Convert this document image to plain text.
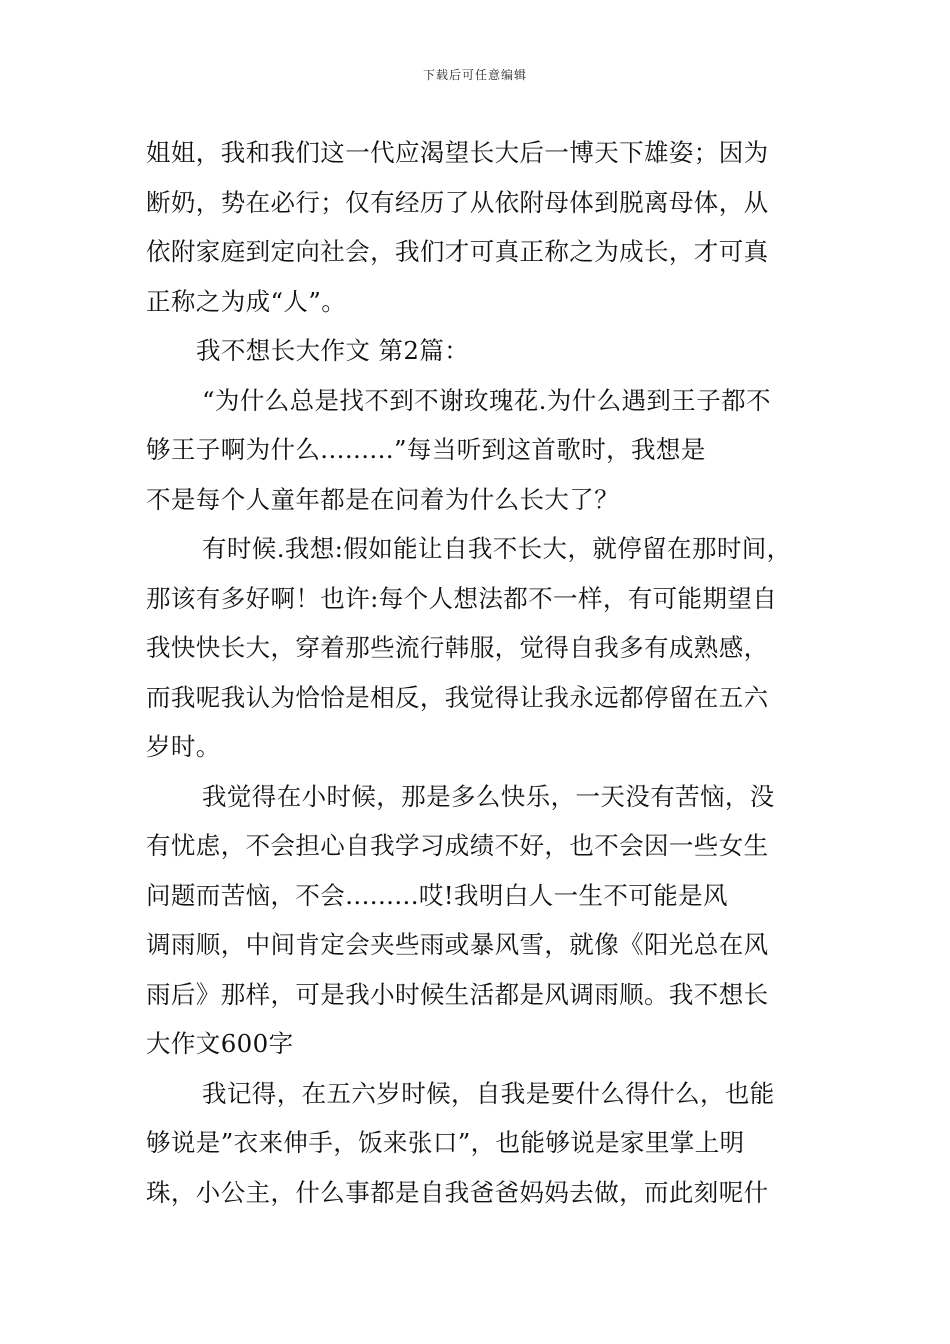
下载后可任意编辑
姐姐，我和我们这一代应渴望长大后一博天下雄姿；因为
断奶，势在必行；仅有经历了从依附母体到脱离母体，从
依附家庭到定向社会，我们才可真正称之为成长，才可真
正称之为成“人”。
我不想长大作文 第2篇：
“为什么总是找不到不谢玫瑰花.为什么遇到王子都不
够王子啊为什么.........”每当听到这首歌时，我想是
不是每个人童年都是在问着为什么长大了？
有时候.我想:假如能让自我不长大，就停留在那时间，
那该有多好啊！也许:每个人想法都不一样，有可能期望自
我快快长大，穿着那些流行韩服，觉得自我多有成熟感，
而我呢我认为恰恰是相反，我觉得让我永远都停留在五六
岁时。
我觉得在小时候，那是多么快乐，一天没有苦恼，没
有忧虑，不会担心自我学习成绩不好，也不会因一些女生
问题而苦恼，不会.........哎!我明白人一生不可能是风
调雨顺，中间肯定会夹些雨或暴风雪，就像《阳光总在风
雨后》那样，可是我小时候生活都是风调雨顺。我不想长
大作文600字
我记得，在五六岁时候，自我是要什么得什么，也能
够说是”衣来伸手，饭来张口”，也能够说是家里掌上明
珠，小公主，什么事都是自我爸爸妈妈去做，而此刻呢什
